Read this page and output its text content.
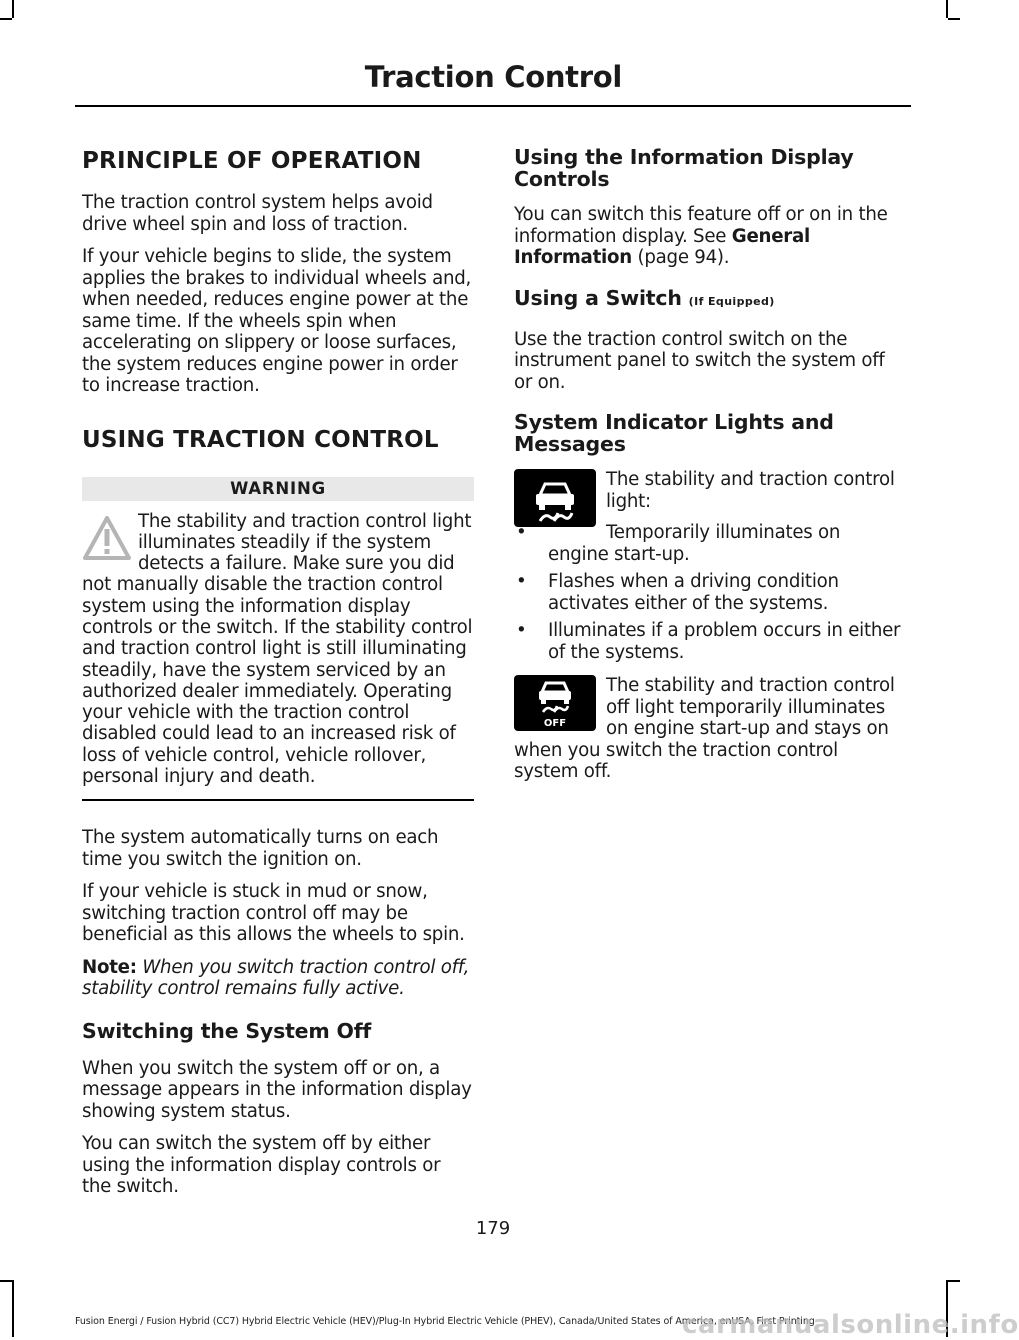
Traction Control
PRINCIPLE OF OPERATION

The traction control system helps avoid drive wheel spin and loss of traction.

If your vehicle begins to slide, the system applies the brakes to individual wheels and, when needed, reduces engine power at the same time. If the wheels spin when accelerating on slippery or loose surfaces, the system reduces engine power in order to increase traction.

USING TRACTION CONTROL
WARNING
The stability and traction control light illuminates steadily if the system detects a failure. Make sure you did not manually disable the traction control system using the information display controls or the switch. If the stability control and traction control light is still illuminating steadily, have the system serviced by an authorized dealer immediately. Operating your vehicle with the traction control disabled could lead to an increased risk of loss of vehicle control, vehicle rollover, personal injury and death.

The system automatically turns on each time you switch the ignition on.

If your vehicle is stuck in mud or snow, switching traction control off may be beneficial as this allows the wheels to spin.

Note: When you switch traction control off, stability control remains fully active.

Switching the System Off

When you switch the system off or on, a message appears in the information display showing system status.

You can switch the system off by either using the information display controls or the switch.

Using the Information Display Controls

You can switch this feature off or on in the information display. See General Information (page 94).

Using a Switch (If Equipped)

Use the traction control switch on the instrument panel to switch the system off or on.

System Indicator Lights and Messages

The stability and traction control light:

• Temporarily illuminates on engine start-up.
• Flashes when a driving condition activates either of the systems.
• Illuminates if a problem occurs in either of the systems.
OFF

The stability and traction control off light temporarily illuminates on engine start-up and stays on when you switch the traction control system off.

179
Fusion Energi / Fusion Hybrid (CC7) Hybrid Electric Vehicle (HEV)/Plug-In Hybrid Electric Vehicle (PHEV), Canada/United States of America, enUSA, First Printing
carmanualsonline.info
